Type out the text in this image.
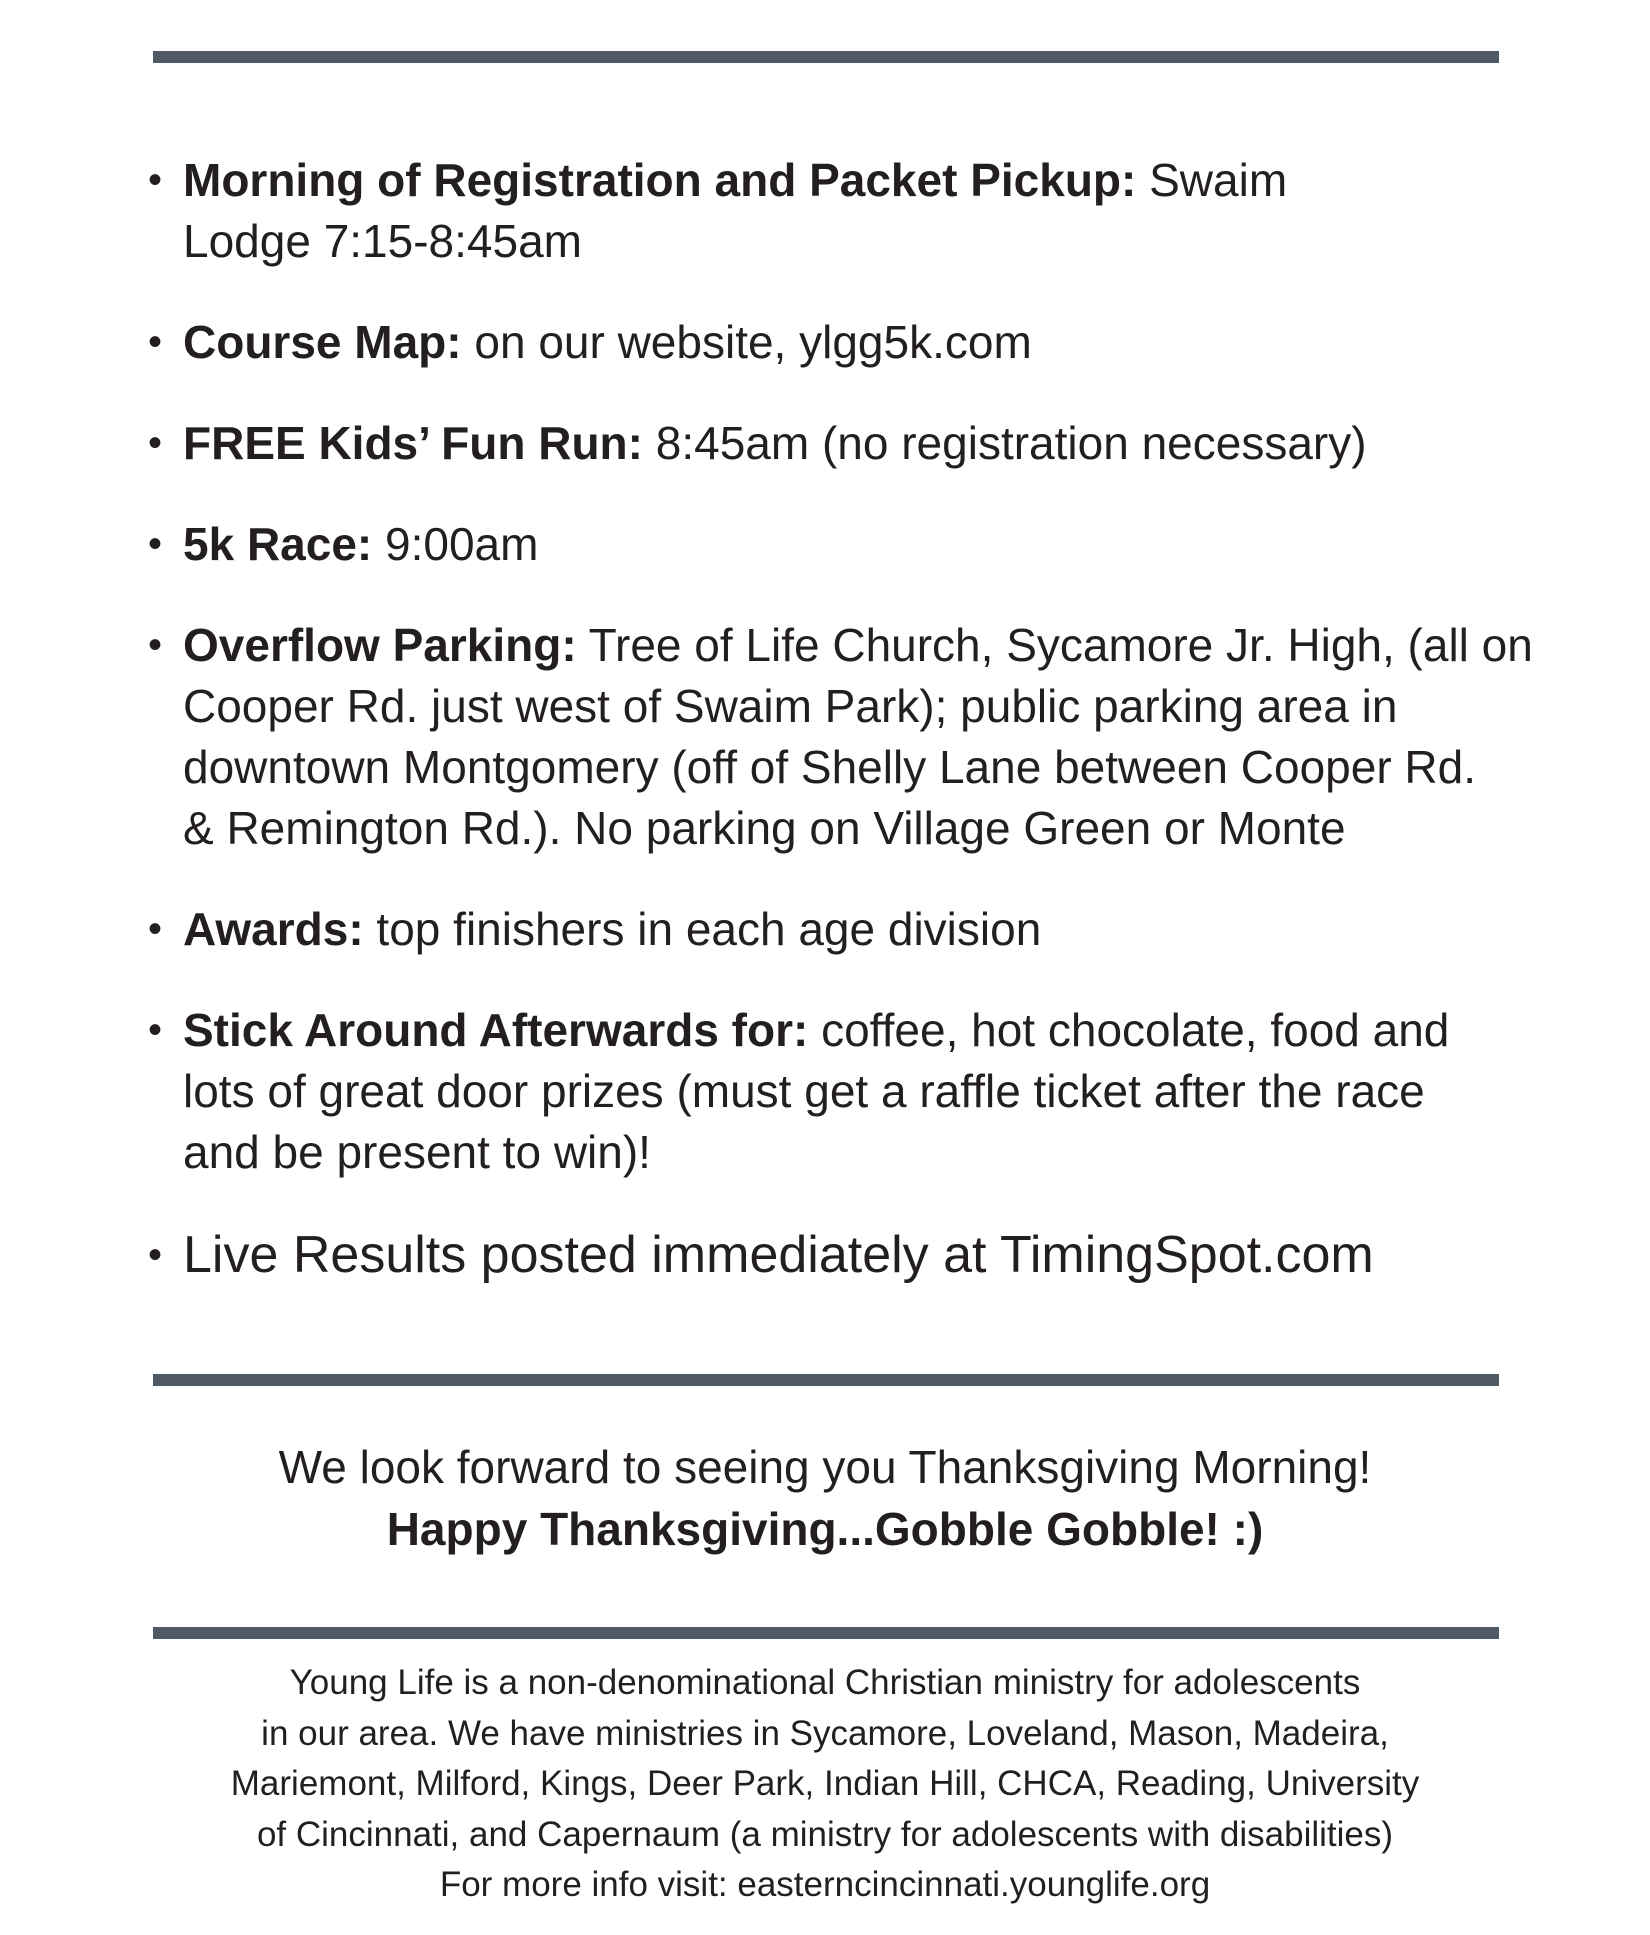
• Morning of Registration and Packet Pickup: Swaim
Lodge 7:15-8:45am
• Course Map: on our website, ylgg5k.com
• FREE Kids’ Fun Run: 8:45am (no registration necessary)
• 5k Race: 9:00am
• Overflow Parking: Tree of Life Church, Sycamore Jr. High, (all on
Cooper Rd. just west of Swaim Park); public parking area in
downtown Montgomery (off of Shelly Lane between Cooper Rd.
& Remington Rd.). No parking on Village Green or Monte
• Awards: top finishers in each age division
• Stick Around Afterwards for: coffee, hot chocolate, food and
lots of great door prizes (must get a raffle ticket after the race
and be present to win)!
• Live Results posted immediately at TimingSpot.com
We look forward to seeing you Thanksgiving Morning!
Happy Thanksgiving...Gobble Gobble! :)
Young Life is a non-denominational Christian ministry for adolescents
in our area. We have ministries in Sycamore, Loveland, Mason, Madeira,
Mariemont, Milford, Kings, Deer Park, Indian Hill, CHCA, Reading, University
of Cincinnati, and Capernaum (a ministry for adolescents with disabilities)
For more info visit: easterncincinnati.younglife.org
